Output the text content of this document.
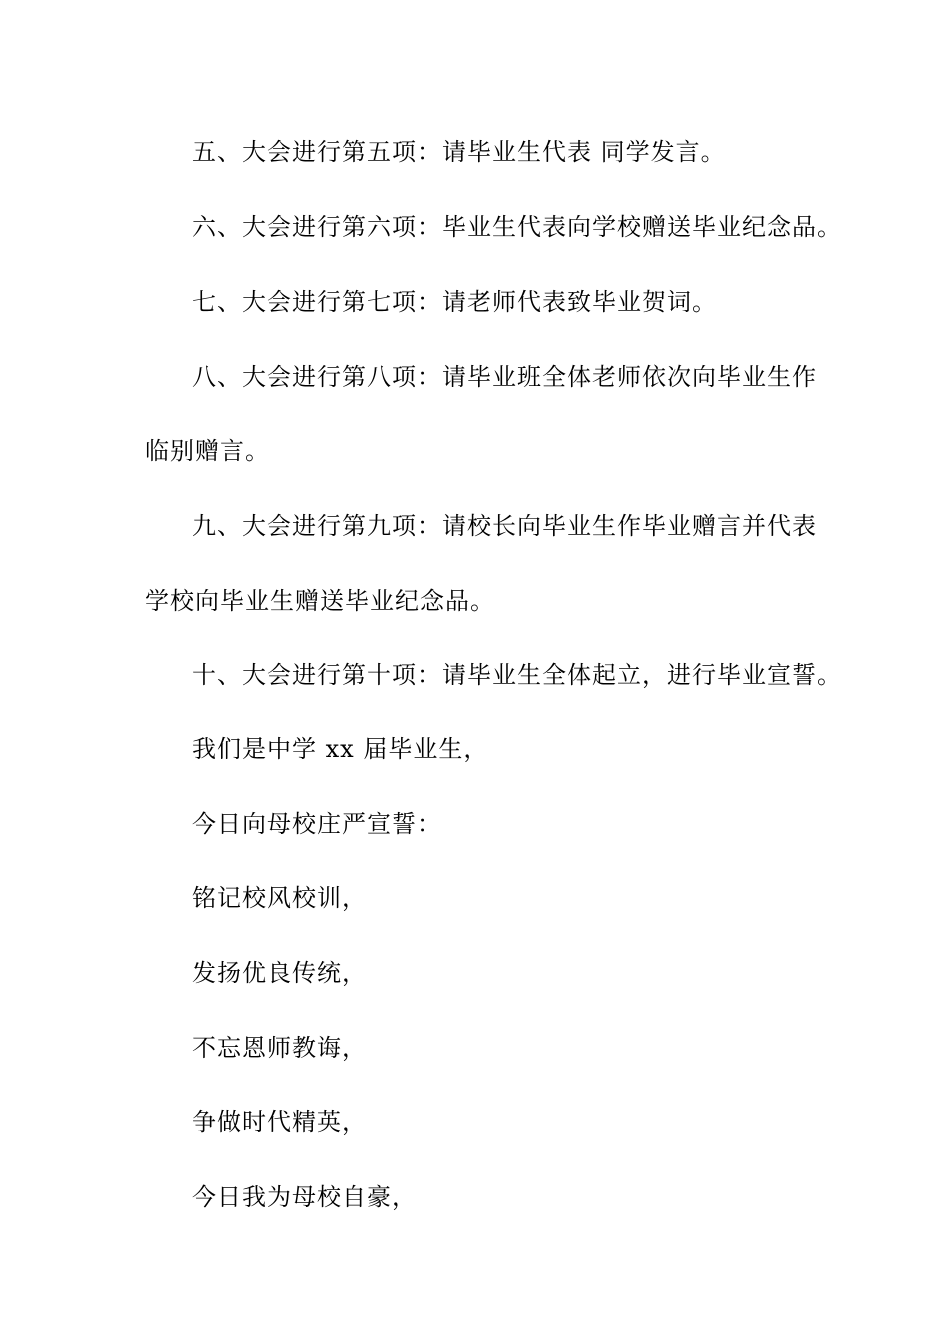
五、大会进行第五项：请毕业生代表 同学发言。
六、大会进行第六项：毕业生代表向学校赠送毕业纪念品。
七、大会进行第七项：请老师代表致毕业贺词。
八、大会进行第八项：请毕业班全体老师依次向毕业生作
临别赠言。
九、大会进行第九项：请校长向毕业生作毕业赠言并代表
学校向毕业生赠送毕业纪念品。
十、大会进行第十项：请毕业生全体起立，进行毕业宣誓。
我们是中学 xx 届毕业生，
今日向母校庄严宣誓：
铭记校风校训，
发扬优良传统，
不忘恩师教诲，
争做时代精英，
今日我为母校自豪，
